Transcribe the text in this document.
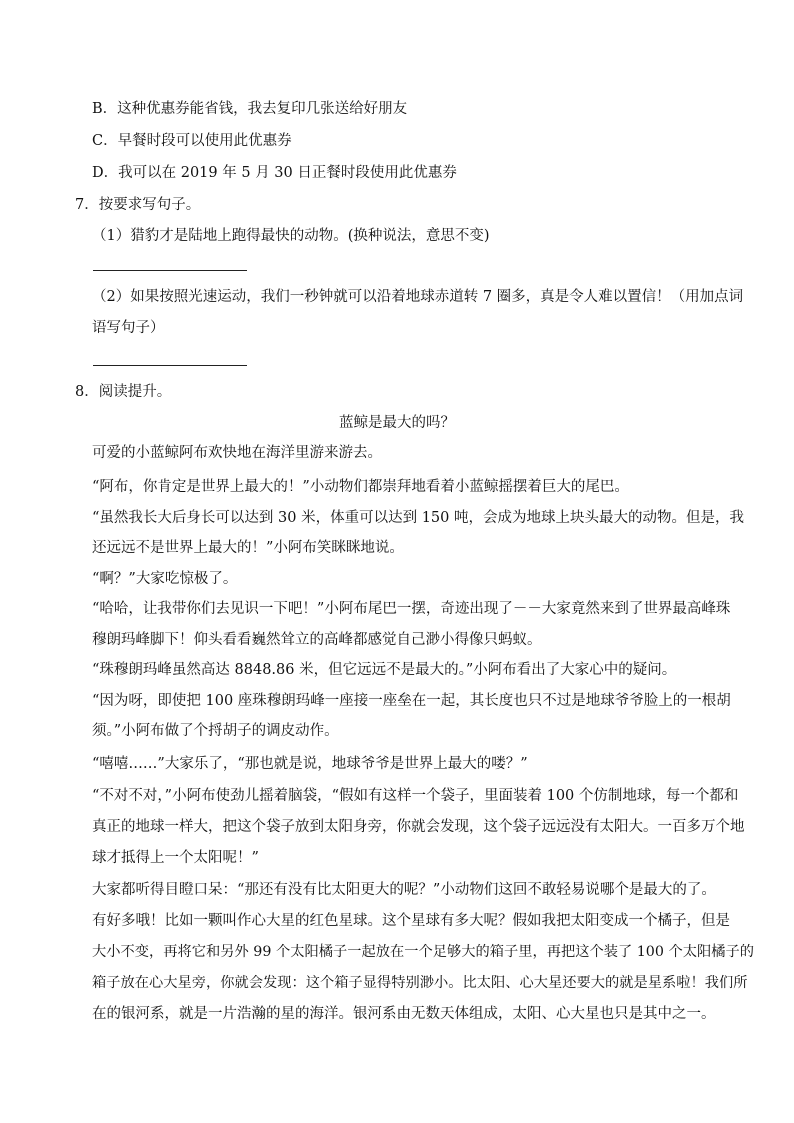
B．这种优惠券能省钱，我去复印几张送给好朋友
C．早餐时段可以使用此优惠券
D．我可以在 2019 年 5 月 30 日正餐时段使用此优惠券
7．按要求写句子。
（1）猎豹才是陆地上跑得最快的动物。(换种说法，意思不变)
（2）如果按照光速运动，我们一秒钟就可以沿着地球赤道转 7 圈多，真是令人难以置信！（用加点词
语写句子）
8．阅读提升。
蓝鲸是最大的吗？
可爱的小蓝鲸阿布欢快地在海洋里游来游去。
“阿布，你肯定是世界上最大的！”小动物们都崇拜地看着小蓝鲸摇摆着巨大的尾巴。
“虽然我长大后身长可以达到 30 米，体重可以达到 150 吨，会成为地球上块头最大的动物。但是，我
还远远不是世界上最大的！”小阿布笑眯眯地说。
“啊？”大家吃惊极了。
“哈哈，让我带你们去见识一下吧！”小阿布尾巴一摆，奇迹出现了－－大家竟然来到了世界最高峰珠
穆朗玛峰脚下！仰头看看巍然耸立的高峰都感觉自己渺小得像只蚂蚁。
“珠穆朗玛峰虽然高达 8848.86 米，但它远远不是最大的。”小阿布看出了大家心中的疑问。
“因为呀，即使把 100 座珠穆朗玛峰一座接一座垒在一起，其长度也只不过是地球爷爷脸上的一根胡
须。”小阿布做了个捋胡子的调皮动作。
“嘻嘻……”大家乐了，“那也就是说，地球爷爷是世界上最大的喽？”
“不对不对，”小阿布使劲儿摇着脑袋，“假如有这样一个袋子，里面装着 100 个仿制地球，每一个都和
真正的地球一样大，把这个袋子放到太阳身旁，你就会发现，这个袋子远远没有太阳大。一百多万个地
球才抵得上一个太阳呢！”
大家都听得目瞪口呆：“那还有没有比太阳更大的呢？”小动物们这回不敢轻易说哪个是最大的了。
有好多哦！比如一颗叫作心大星的红色星球。这个星球有多大呢？假如我把太阳变成一个橘子，但是
大小不变，再将它和另外 99 个太阳橘子一起放在一个足够大的箱子里，再把这个装了 100 个太阳橘子的
箱子放在心大星旁，你就会发现：这个箱子显得特别渺小。比太阳、心大星还要大的就是星系啦！我们所
在的银河系，就是一片浩瀚的星的海洋。银河系由无数天体组成，太阳、心大星也只是其中之一。
